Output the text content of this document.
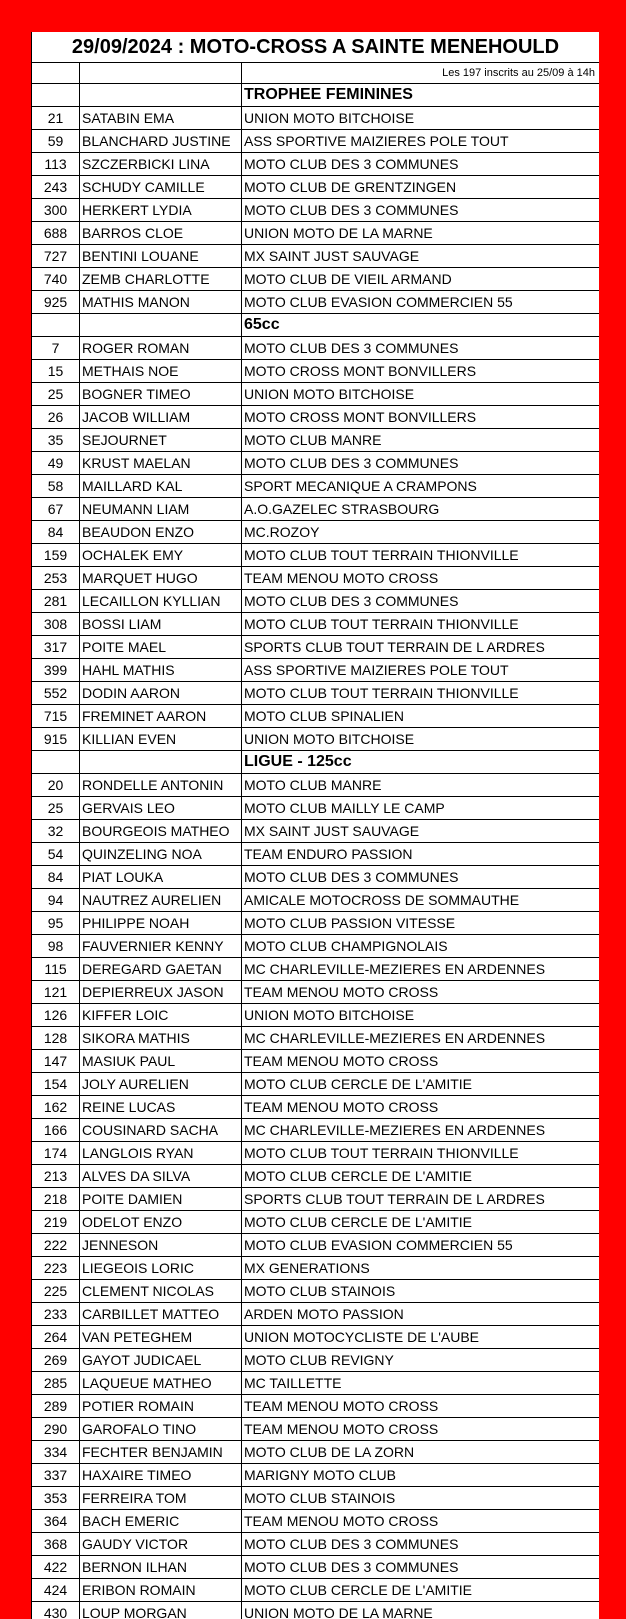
29/09/2024 : MOTO-CROSS A SAINTE MENEHOULD		
		Les 197 inscrits au 25/09 à 14h
		TROPHEE FEMININES
21	SATABIN EMA	UNION MOTO BITCHOISE
59	BLANCHARD JUSTINE	ASS SPORTIVE MAIZIERES POLE TOUT
113	SZCZERBICKI LINA	MOTO CLUB DES 3 COMMUNES
243	SCHUDY CAMILLE	MOTO CLUB DE GRENTZINGEN
300	HERKERT LYDIA	MOTO CLUB DES 3 COMMUNES
688	BARROS CLOE	UNION MOTO DE LA MARNE
727	BENTINI LOUANE	MX SAINT JUST SAUVAGE
740	ZEMB CHARLOTTE	MOTO CLUB DE VIEIL ARMAND
925	MATHIS MANON	MOTO CLUB EVASION COMMERCIEN 55
		65cc
7	ROGER ROMAN	MOTO CLUB DES 3 COMMUNES
15	METHAIS NOE	MOTO CROSS MONT BONVILLERS
25	BOGNER TIMEO	UNION MOTO BITCHOISE
26	JACOB WILLIAM	MOTO CROSS MONT BONVILLERS
35	SEJOURNET	MOTO CLUB MANRE
49	KRUST MAELAN	MOTO CLUB DES 3 COMMUNES
58	MAILLARD KAL	SPORT MECANIQUE A CRAMPONS
67	NEUMANN LIAM	A.O.GAZELEC STRASBOURG
84	BEAUDON ENZO	MC.ROZOY
159	OCHALEK EMY	MOTO CLUB TOUT TERRAIN THIONVILLE
253	MARQUET HUGO	TEAM MENOU MOTO CROSS
281	LECAILLON KYLLIAN	MOTO CLUB DES 3 COMMUNES
308	BOSSI LIAM	MOTO CLUB TOUT TERRAIN THIONVILLE
317	POITE MAEL	SPORTS CLUB TOUT TERRAIN DE L ARDRES
399	HAHL MATHIS	ASS SPORTIVE MAIZIERES POLE TOUT
552	DODIN AARON	MOTO CLUB TOUT TERRAIN THIONVILLE
715	FREMINET AARON	MOTO CLUB SPINALIEN
915	KILLIAN EVEN	UNION MOTO BITCHOISE
		LIGUE - 125cc
20	RONDELLE ANTONIN	MOTO CLUB MANRE
25	GERVAIS LEO	MOTO CLUB MAILLY LE CAMP
32	BOURGEOIS MATHEO	MX SAINT JUST SAUVAGE
54	QUINZELING NOA	TEAM ENDURO PASSION
84	PIAT LOUKA	MOTO CLUB DES 3 COMMUNES
94	NAUTREZ AURELIEN	AMICALE MOTOCROSS DE SOMMAUTHE
95	PHILIPPE NOAH	MOTO CLUB PASSION VITESSE
98	FAUVERNIER KENNY	MOTO CLUB CHAMPIGNOLAIS
115	DEREGARD GAETAN	MC CHARLEVILLE-MEZIERES EN ARDENNES
121	DEPIERREUX JASON	TEAM MENOU MOTO CROSS
126	KIFFER LOIC	UNION MOTO BITCHOISE
128	SIKORA MATHIS	MC CHARLEVILLE-MEZIERES EN ARDENNES
147	MASIUK PAUL	TEAM MENOU MOTO CROSS
154	JOLY AURELIEN	MOTO CLUB CERCLE DE L'AMITIE
162	REINE LUCAS	TEAM MENOU MOTO CROSS
166	COUSINARD SACHA	MC CHARLEVILLE-MEZIERES EN ARDENNES
174	LANGLOIS RYAN	MOTO CLUB TOUT TERRAIN THIONVILLE
213	ALVES DA SILVA	MOTO CLUB CERCLE DE L'AMITIE
218	POITE DAMIEN	SPORTS CLUB TOUT TERRAIN DE L ARDRES
219	ODELOT ENZO	MOTO CLUB CERCLE DE L'AMITIE
222	JENNESON	MOTO CLUB EVASION COMMERCIEN 55
223	LIEGEOIS LORIC	MX GENERATIONS
225	CLEMENT NICOLAS	MOTO CLUB STAINOIS
233	CARBILLET MATTEO	ARDEN MOTO PASSION
264	VAN PETEGHEM	UNION MOTOCYCLISTE DE L'AUBE
269	GAYOT JUDICAEL	MOTO CLUB REVIGNY
285	LAQUEUE MATHEO	MC TAILLETTE
289	POTIER ROMAIN	TEAM MENOU MOTO CROSS
290	GAROFALO TINO	TEAM MENOU MOTO CROSS
334	FECHTER BENJAMIN	MOTO CLUB DE LA ZORN
337	HAXAIRE TIMEO	MARIGNY MOTO CLUB
353	FERREIRA TOM	MOTO CLUB STAINOIS
364	BACH EMERIC	TEAM MENOU MOTO CROSS
368	GAUDY VICTOR	MOTO CLUB DES 3 COMMUNES
422	BERNON ILHAN	MOTO CLUB DES 3 COMMUNES
424	ERIBON ROMAIN	MOTO CLUB CERCLE DE L'AMITIE
430	LOUP MORGAN	UNION MOTO DE LA MARNE
